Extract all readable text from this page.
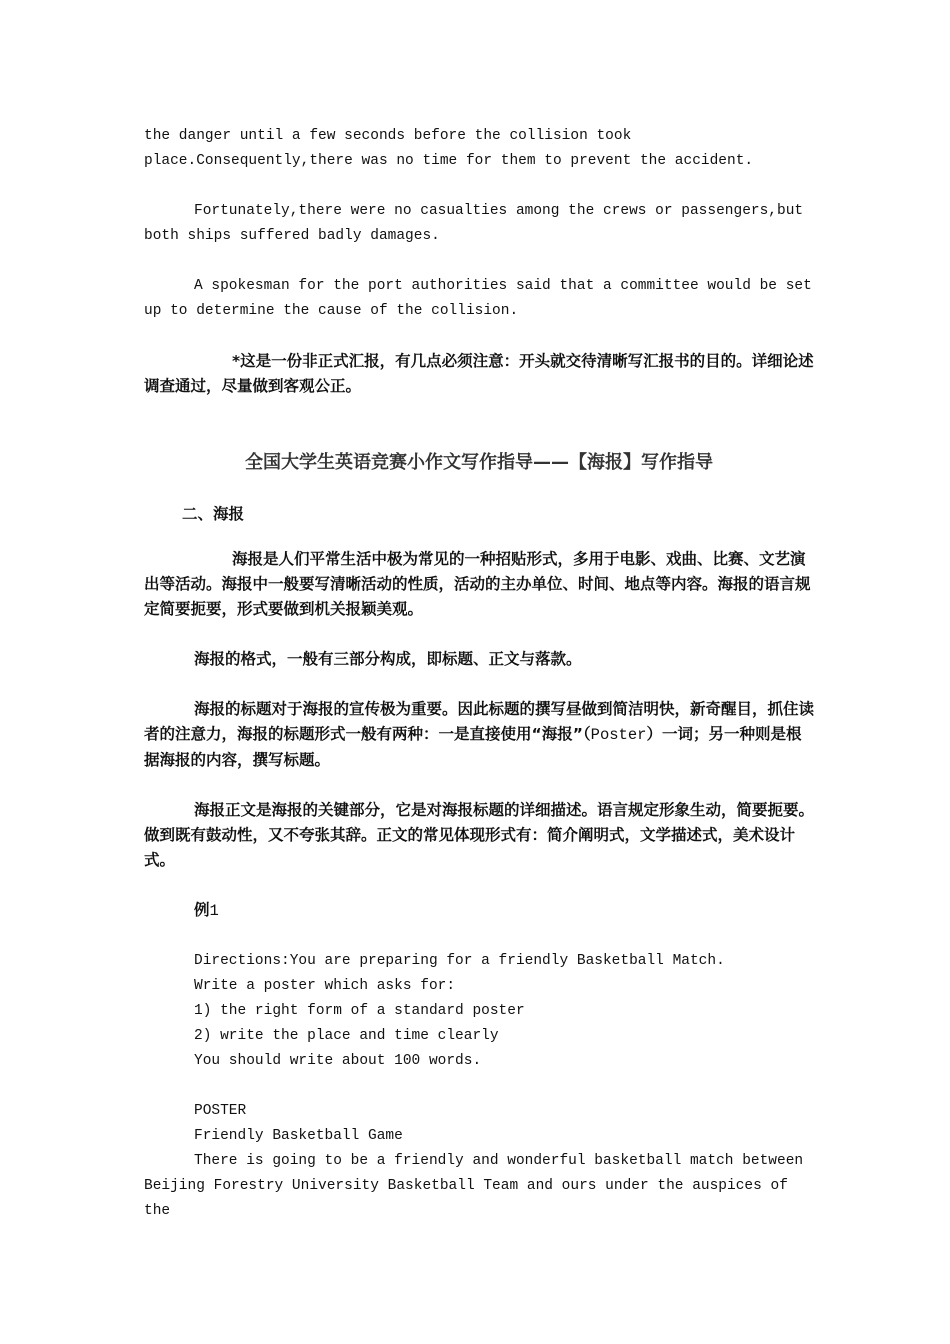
the danger until a few seconds before the collision took
place.Consequently,there was no time for them to prevent the accident.

Fortunately,there were no casualties among the crews or passengers,but both ships suffered badly damages.

A spokesman for the port authorities said that a committee would be set up to determine the cause of the collision.

*这是一份非正式汇报，有几点必须注意：开头就交待清晰写汇报书的目的。详细论述调查通过，尽量做到客观公正。

全国大学生英语竞赛小作文写作指导——【海报】写作指导

二、海报

海报是人们平常生活中极为常见的一种招贴形式，多用于电影、戏曲、比赛、文艺演出等活动。海报中一般要写清晰活动的性质，活动的主办单位、时间、地点等内容。海报的语言规定简要扼要，形式要做到机关报颖美观。

海报的格式，一般有三部分构成，即标题、正文与落款。

海报的标题对于海报的宣传极为重要。因此标题的撰写昼做到简洁明快，新奇醒目，抓住读者的注意力，海报的标题形式一般有两种：一是直接使用“海报”（Poster）一词；另一种则是根据海报的内容，撰写标题。

海报正文是海报的关键部分，它是对海报标题的详细描述。语言规定形象生动，简要扼要。做到既有鼓动性，又不夸张其辞。正文的常见体现形式有：简介阐明式，文学描述式，美术设计式。

例1

Directions:You are preparing for a friendly Basketball Match.
Write a poster which asks for:
1) the right form of a standard poster
2) write the place and time clearly
You should write about 100 words.
POSTER
Friendly Basketball Game

There is going to be a friendly and wonderful basketball match between Beijing Forestry University Basketball Team and ours under the auspices of the
